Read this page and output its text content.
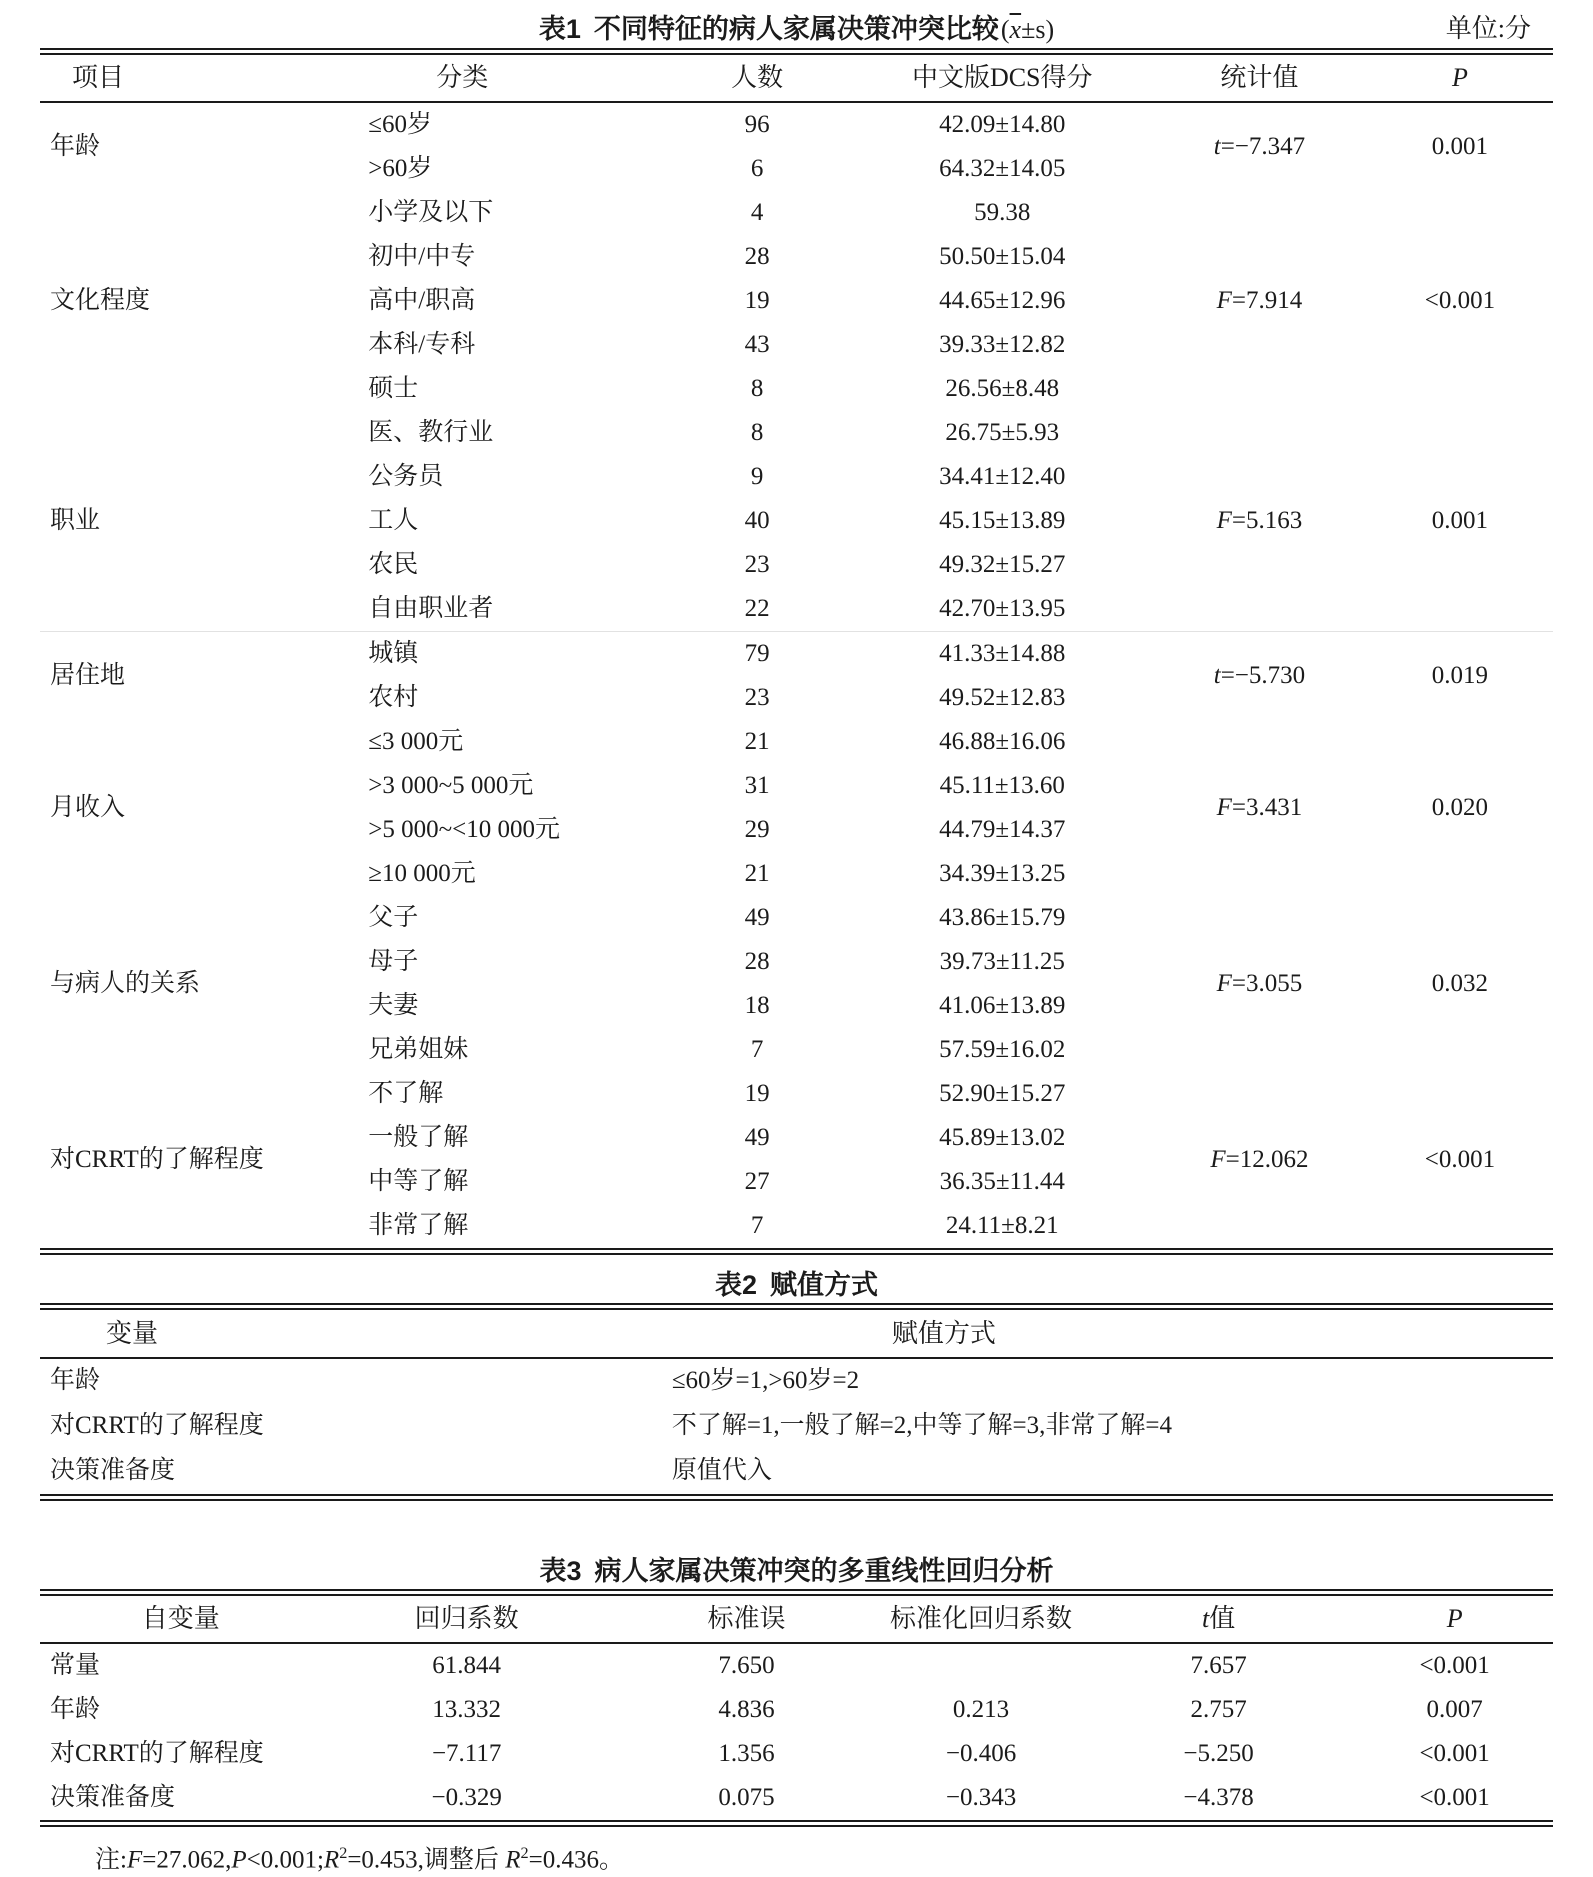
表1 不同特征的病人家属决策冲突比较$(\overline{x}\pm s)$	单位:分
项目	分类	人数	中文版DCS得分	统计值	P
年龄	≤60岁	96	42.09±14.80	t=−7.347	0.001
	>60岁	6	64.32±14.05		
文化程度	小学及以下	4	59.38	F=7.914	<0.001
	初中/中专	28	50.50±15.04		
	高中/职高	19	44.65±12.96		
	本科/专科	43	39.33±12.82		
	硕士	8	26.56±8.48		
职业	医、教行业	8	26.75±5.93	F=5.163	0.001
	公务员	9	34.41±12.40		
	工人	40	45.15±13.89		
	农民	23	49.32±15.27		
	自由职业者	22	42.70±13.95		
居住地	城镇	79	41.33±14.88	t=−5.730	0.019
	农村	23	49.52±12.83		
月收入	≤3 000元	21	46.88±16.06	F=3.431	0.020
	>3 000~5 000元	31	45.11±13.60		
	>5 000~<10 000元	29	44.79±14.37		
	≥10 000元	21	34.39±13.25		
与病人的关系	父子	49	43.86±15.79	F=3.055	0.032
	母子	28	39.73±11.25		
	夫妻	18	41.06±13.89		
	兄弟姐妹	7	57.59±16.02		
对CRRT的了解程度	不了解	19	52.90±15.27	F=12.062	<0.001
	一般了解	49	45.89±13.02		
	中等了解	27	36.35±11.44		
	非常了解	7	24.11±8.21		
表2 赋值方式
变量	赋值方式
年龄	≤60岁=1,>60岁=2
对CRRT的了解程度	不了解=1,一般了解=2,中等了解=3,非常了解=4
决策准备度	原值代入
表3 病人家属决策冲突的多重线性回归分析
自变量	回归系数	标准误	标准化回归系数	t值	P
常量	61.844	7.650		7.657	<0.001
年龄	13.332	4.836	0.213	2.757	0.007
对CRRT的了解程度	−7.117	1.356	−0.406	−5.250	<0.001
决策准备度	−0.329	0.075	−0.343	−4.378	<0.001
注$:F=27.062,P<0.001;R^2=0.453$,调整后 $R^2=0.436$。
